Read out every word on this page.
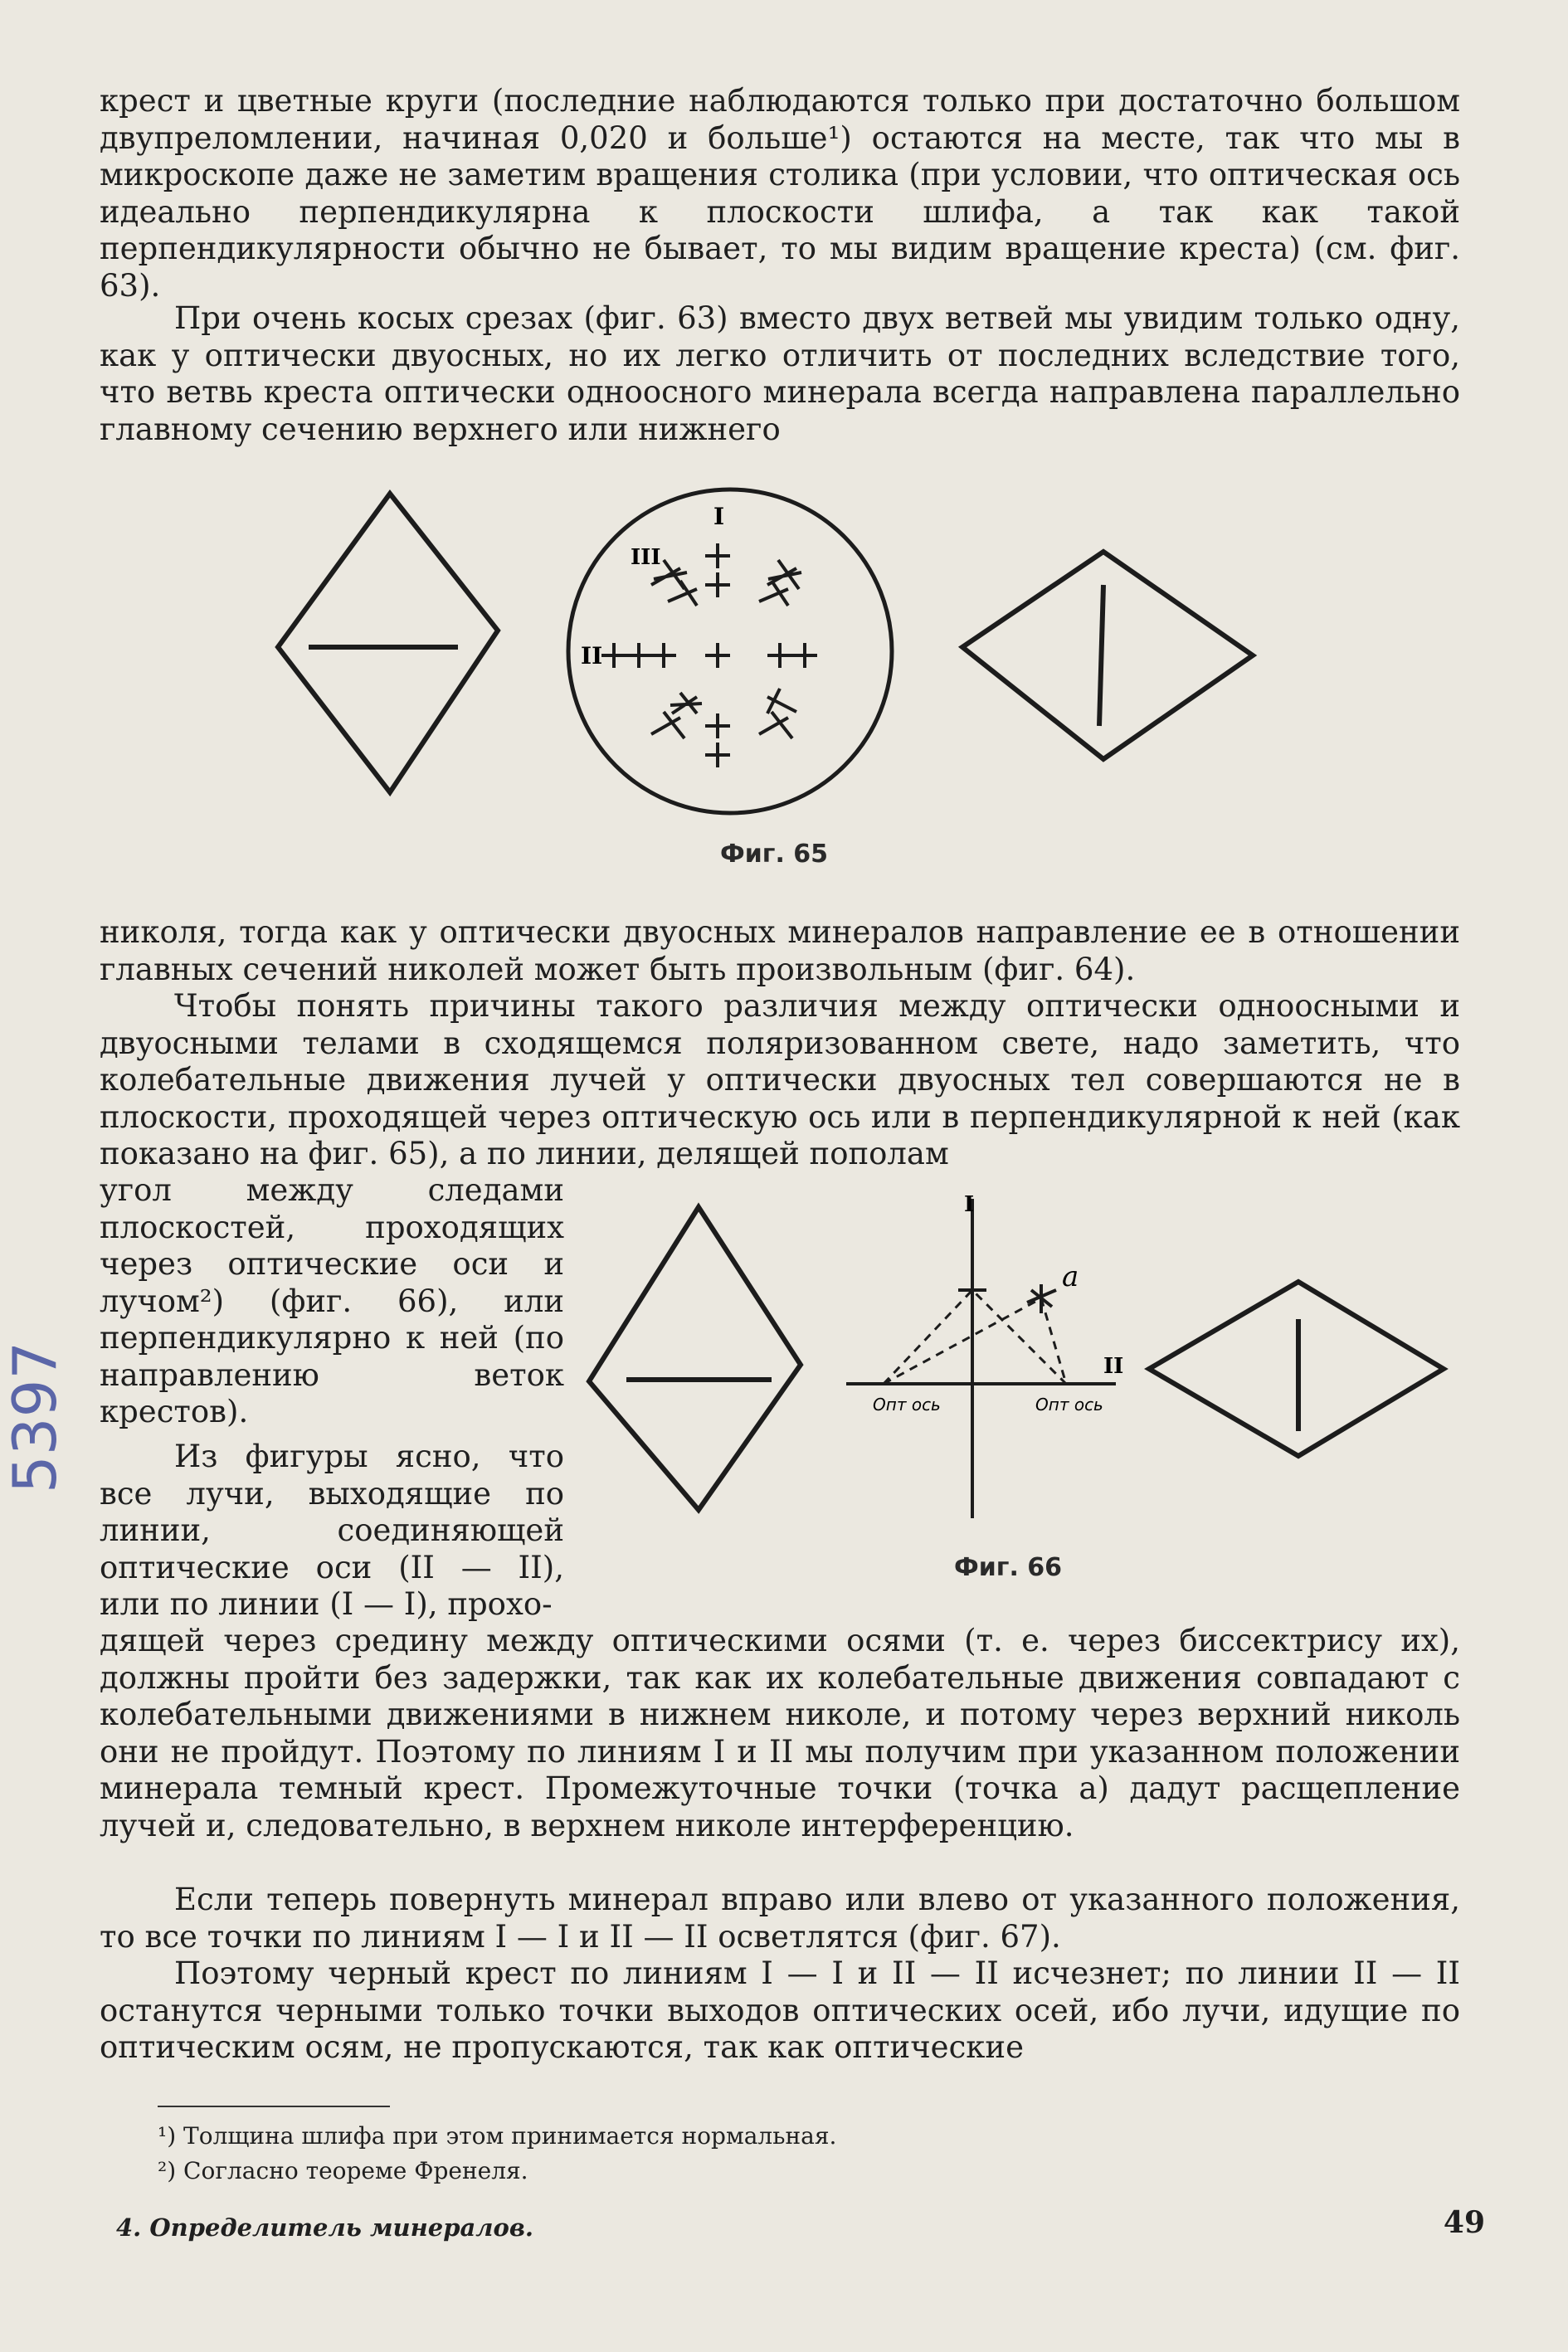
крест и цветные круги (последние наблюдаются только при достаточно большом двупреломлении, начиная 0,020 и больше¹) остаются на месте, так что мы в микроскопе даже не заметим вращения столика (при условии, что оптическая ось идеально перпендикулярна к плоскости шлифа, а так как такой перпендикулярности обычно не бывает, то мы видим вращение креста) (см. фиг. 63).

При очень косых срезах (фиг. 63) вместо двух ветвей мы увидим только одну, как у оптически двуосных, но их легко отличить от последних вследствие того, что ветвь креста оптически одноосного минерала всегда направлена параллельно главному сечению верхнего или нижнего

I
III
II
Фиг. 65

николя, тогда как у оптически двуосных минералов направление ее в отношении главных сечений николей может быть произвольным (фиг. 64).

Чтобы понять причины такого различия между оптически одноосными и двуосными телами в сходящемся поляризованном свете, надо заметить, что колебательные движения лучей у оптически двуосных тел совершаются не в плоскости, проходящей через оптическую ось или в перпендикулярной к ней (как показано на фиг. 65), а по линии, делящей пополам

угол между следами плоскостей, проходящих через оптические оси и лучом²) (фиг. 66), или перпендикулярно к ней (по направлению веток крестов).

Из фигуры ясно, что все лучи, выходящие по линии, соединяющей оптические оси (II — II), или по линии (I — I), прохо-

I
II
a
Опт ось	Опт ось
Фиг. 66

дящей через средину между оптическими осями (т. е. через биссектрису их), должны пройти без задержки, так как их колебательные движения совпадают с колебательными движениями в нижнем николе, и потому через верхний николь они не пройдут. Поэтому по линиям I и II мы получим при указанном положении минерала темный крест. Промежуточные точки (точка a) дадут расщепление лучей и, следовательно, в верхнем николе интерференцию.

Если теперь повернуть минерал вправо или влево от указанного положения, то все точки по линиям I — I и II — II осветлятся (фиг. 67).

Поэтому черный крест по линиям I — I и II — II исчезнет; по линии II — II останутся черными только точки выходов оптических осей, ибо лучи, идущие по оптическим осям, не пропускаются, так как оптические

¹) Толщина шлифа при этом принимается нормальная.
²) Согласно теореме Френеля.
4. Определитель минералов.	49
5397
